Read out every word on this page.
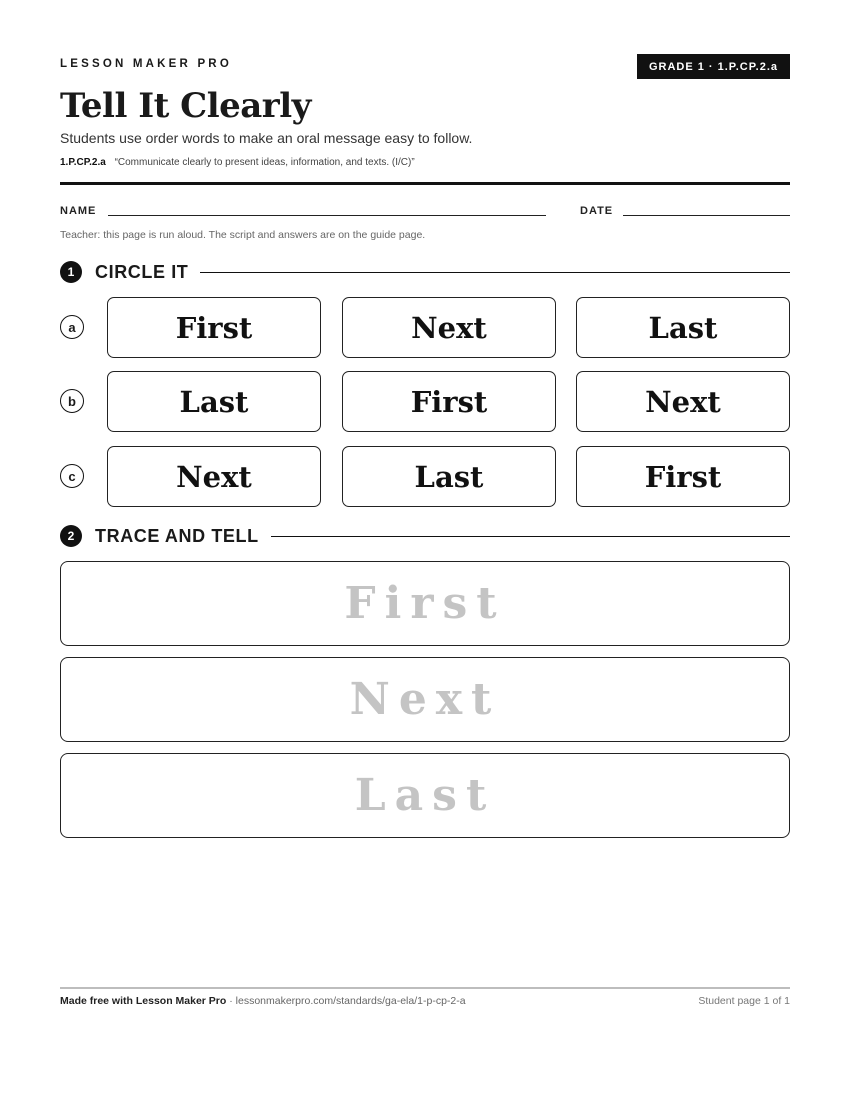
LESSON MAKER PRO	GRADE 1 · 1.P.CP.2.a
Tell It Clearly
Students use order words to make an oral message easy to follow.
1.P.CP.2.a “Communicate clearly to present ideas, information, and texts. (I/C)”
NAME	DATE
Teacher: this page is run aloud. The script and answers are on the guide page.
1	CIRCLE IT
a	First	Next	Last
b	Last	First	Next
c	Next	Last	First
2	TRACE AND TELL
First
Next
Last
Made free with Lesson Maker Pro · lessonmakerpro.com/standards/ga-ela/1-p-cp-2-a	Student page 1 of 1
